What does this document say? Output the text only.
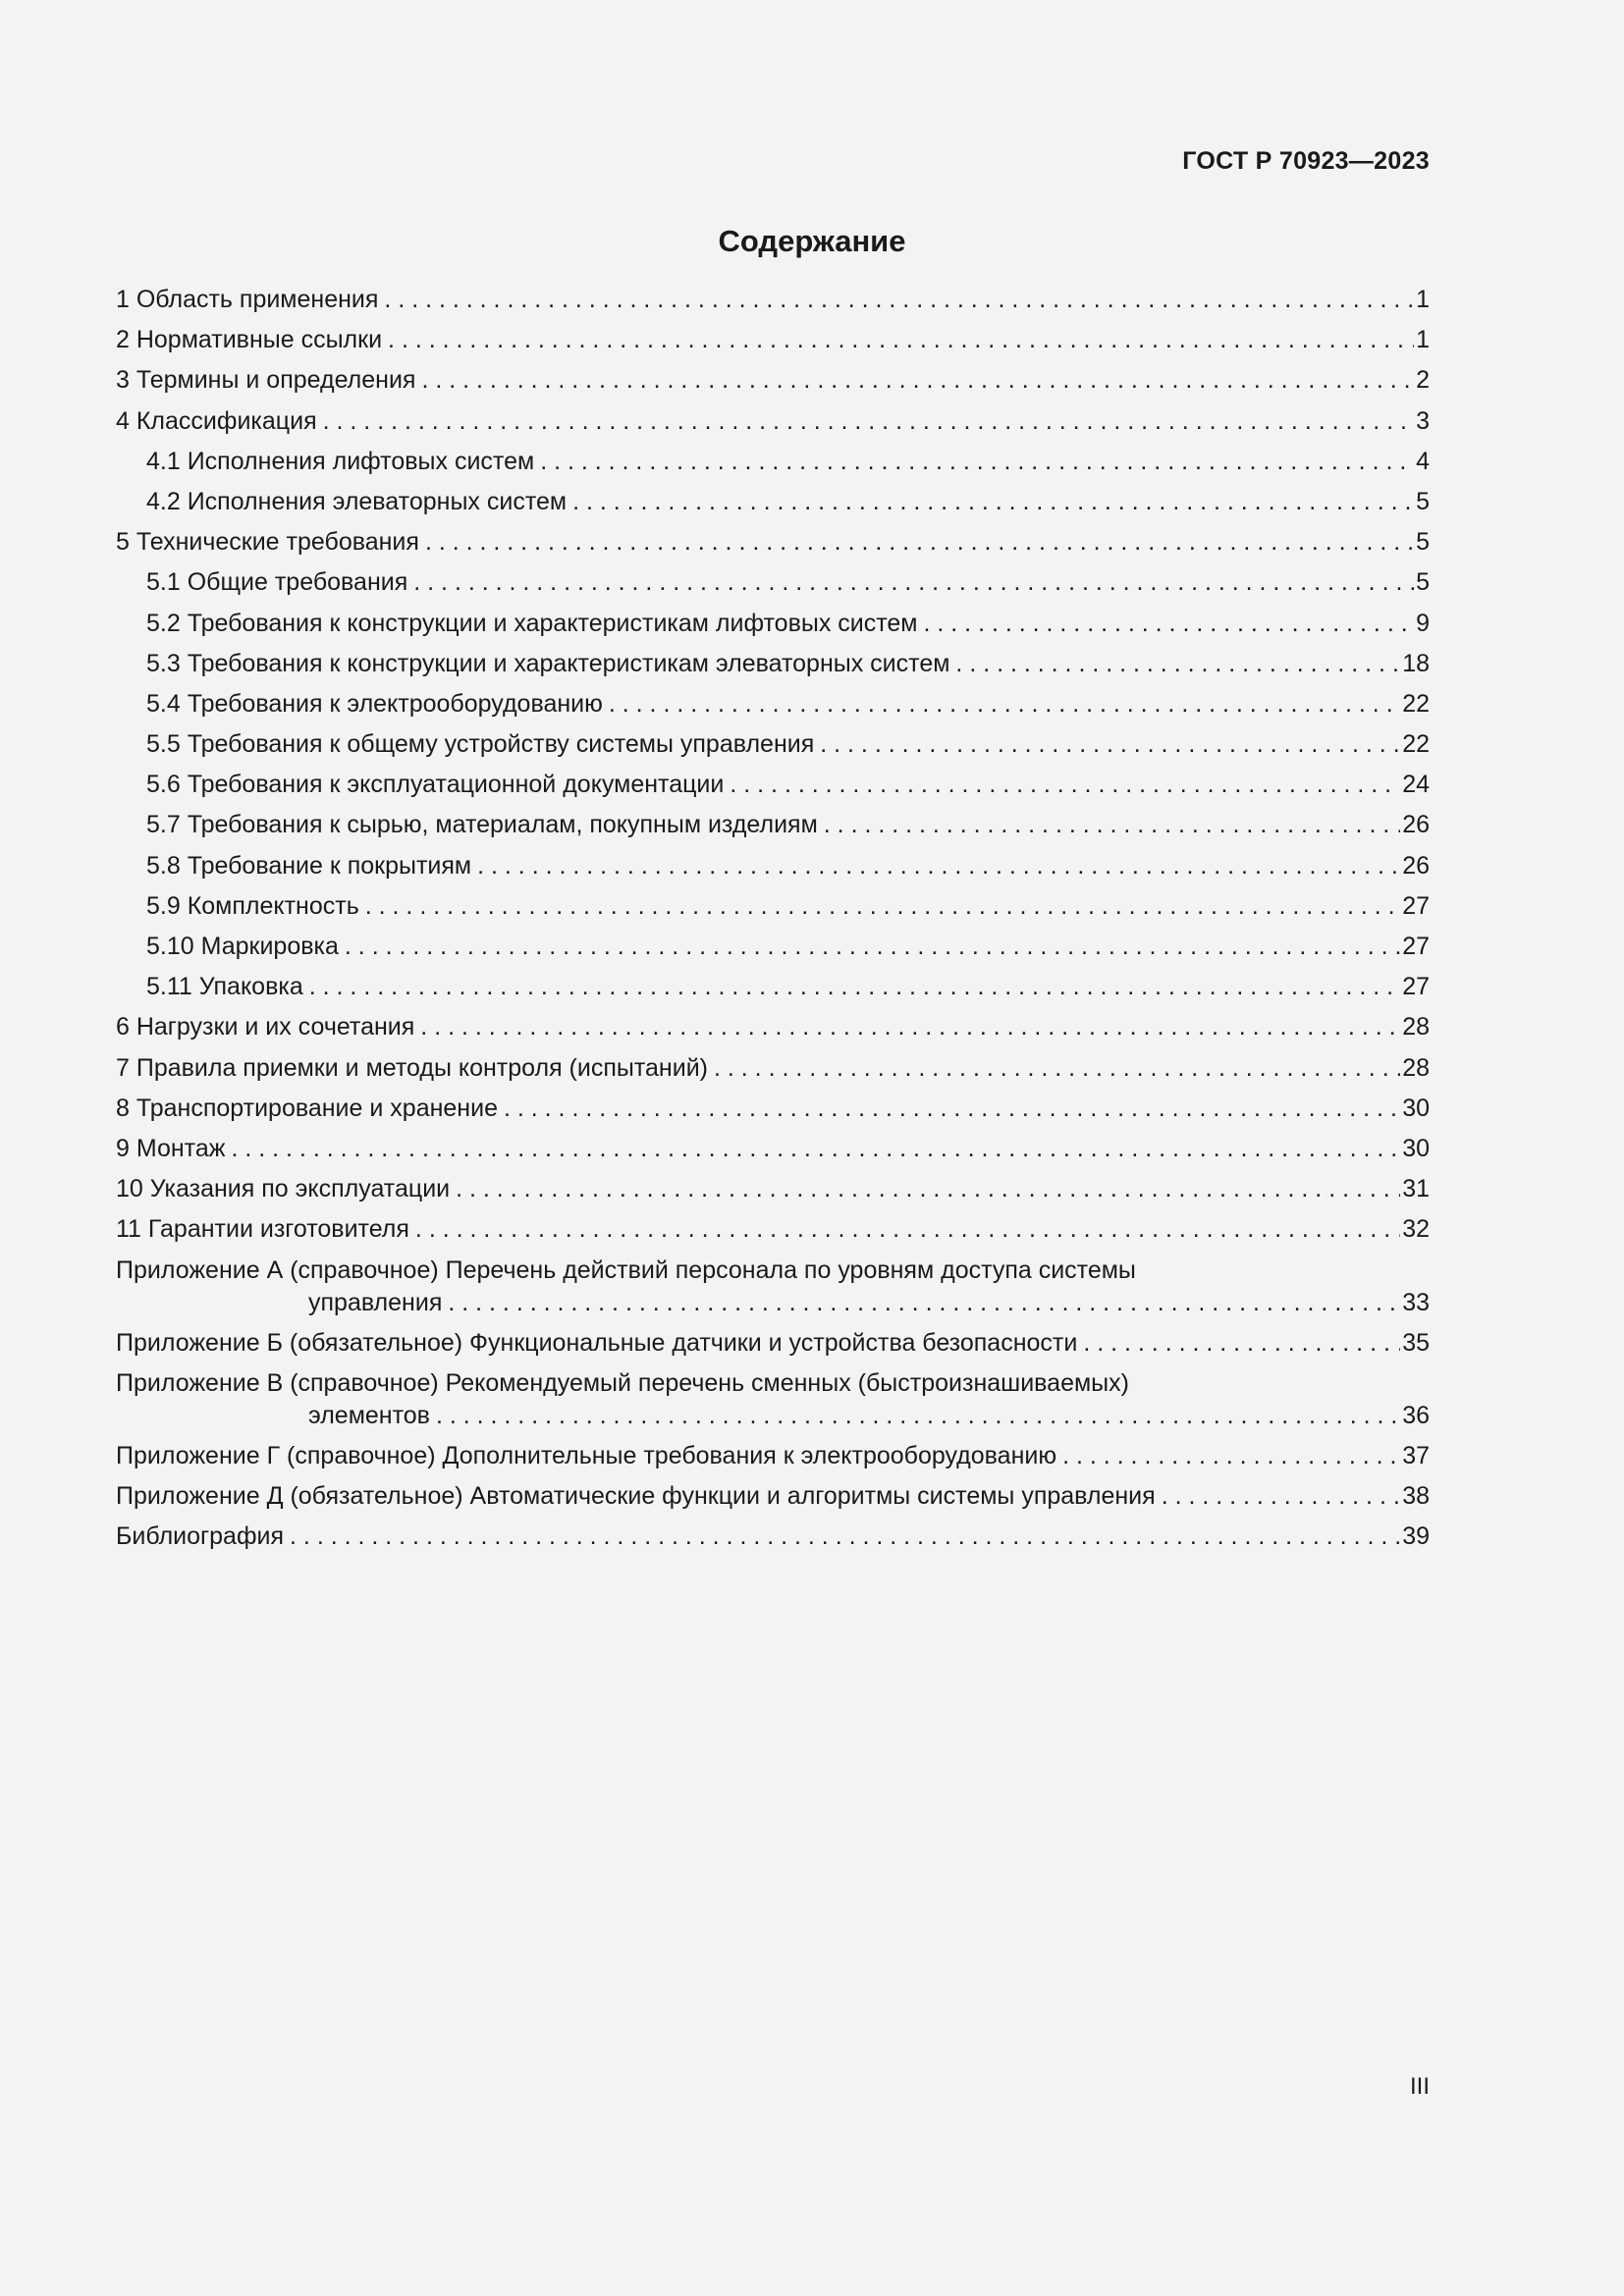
ГОСТ Р 70923—2023
Содержание
1 Область применения . . .	1
2 Нормативные ссылки . . .	1
3 Термины и определения . . .	2
4 Классификация . . .	3
4.1 Исполнения лифтовых систем . . .	4
4.2 Исполнения элеваторных систем . . .	5
5 Технические требования . . .	5
5.1 Общие требования . . .	5
5.2 Требования к конструкции и характеристикам лифтовых систем . . .	9
5.3 Требования к конструкции и характеристикам элеваторных систем . . .	18
5.4 Требования к электрооборудованию . . .	22
5.5 Требования к общему устройству системы управления . . .	22
5.6 Требования к эксплуатационной документации . . .	24
5.7 Требования к сырью, материалам, покупным изделиям . . .	26
5.8 Требование к покрытиям . . .	26
5.9 Комплектность . . .	27
5.10 Маркировка . . .	27
5.11 Упаковка . . .	27
6 Нагрузки и их сочетания . . .	28
7 Правила приемки и методы контроля (испытаний) . . .	28
8 Транспортирование и хранение . . .	30
9 Монтаж . . .	30
10 Указания по эксплуатации . . .	31
11 Гарантии изготовителя . . .	32
Приложение А (справочное) Перечень действий персонала по уровням доступа системы
управления . . .	33
Приложение Б (обязательное) Функциональные датчики и устройства безопасности . . .	35
Приложение В (справочное) Рекомендуемый перечень сменных (быстроизнашиваемых)
элементов . . .	36
Приложение Г (справочное) Дополнительные требования к электрооборудованию . . .	37
Приложение Д (обязательное) Автоматические функции и алгоритмы системы управления . . .	38
Библиография . . .	39
III
